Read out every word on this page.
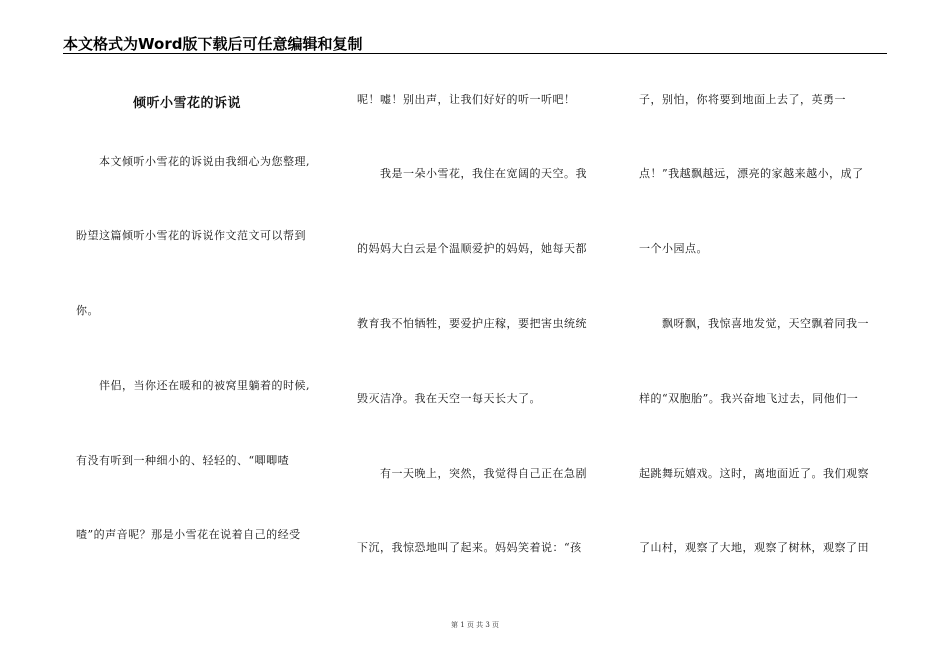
本文格式为Word版下载后可任意编辑和复制
倾听小雪花的诉说
　　本文倾听小雪花的诉说由我细心为您整理,
盼望这篇倾听小雪花的诉说作文范文可以帮到
你。
　　伴侣，当你还在暖和的被窝里躺着的时候,
有没有听到一种细小的、轻轻的、“唧唧喳
喳”的声音呢？那是小雪花在说着自己的经受
呢！嘘！别出声，让我们好好的听一听吧！
　　我是一朵小雪花，我住在宽阔的天空。我
的妈妈大白云是个温顺爱护的妈妈，她每天都
教育我不怕牺牲，要爱护庄稼，要把害虫统统
毁灭洁净。我在天空一每天长大了。
　　有一天晚上，突然，我觉得自己正在急剧
下沉，我惊恐地叫了起来。妈妈笑着说：“孩
子，别怕，你将要到地面上去了，英勇一
点！”我越飘越远，漂亮的家越来越小，成了
一个小园点。
　　飘呀飘，我惊喜地发觉，天空飘着同我一
样的“双胞胎”。我兴奋地飞过去，同他们一
起跳舞玩嬉戏。这时，离地面近了。我们观察
了山村，观察了大地，观察了树林，观察了田
第 1 页 共 3 页
